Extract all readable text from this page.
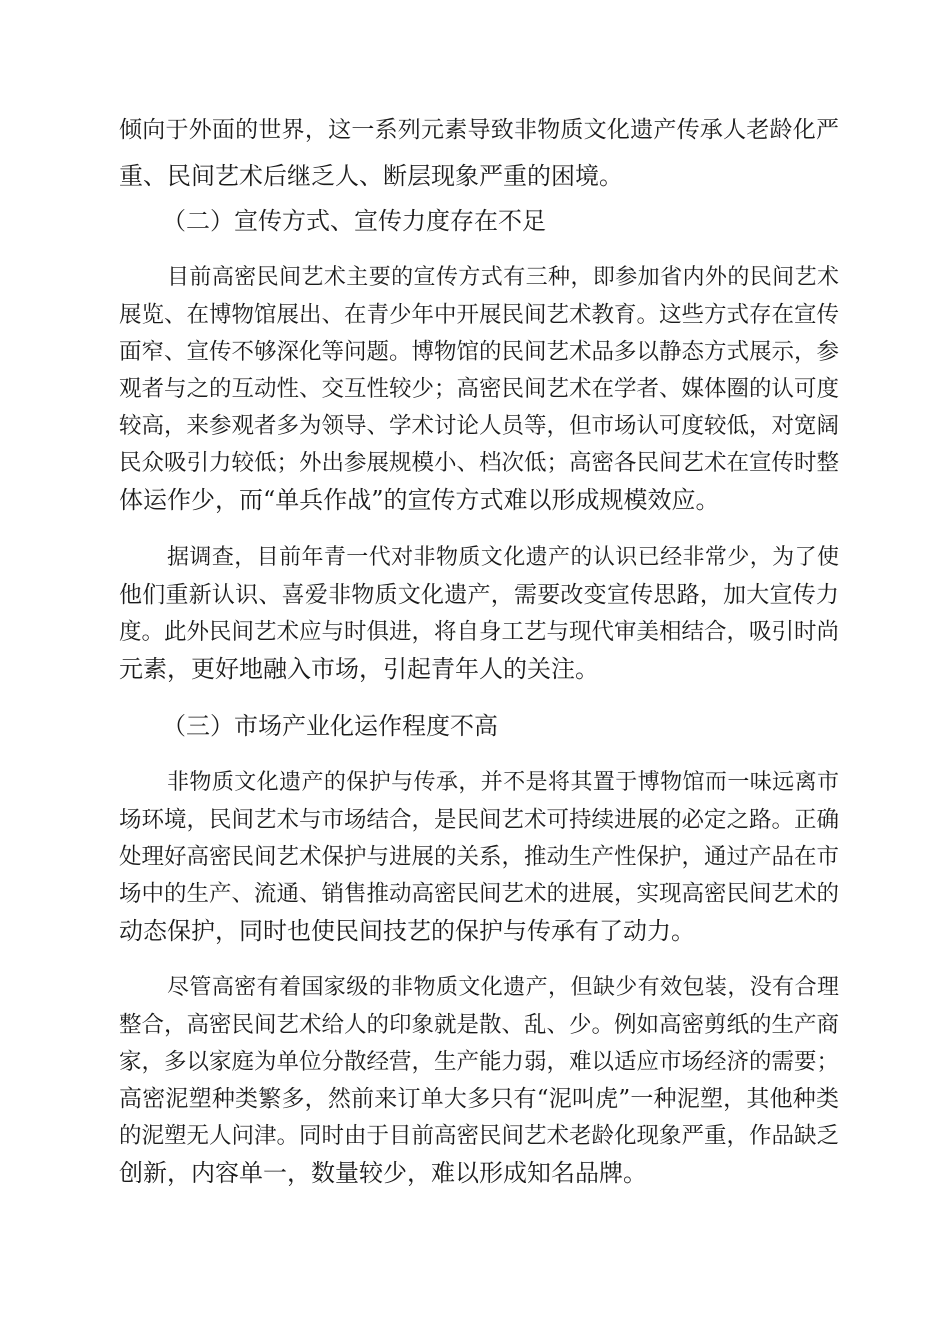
倾向于外面的世界，这一系列元素导致非物质文化遗产传承人老龄化严

重、民间艺术后继乏人、断层现象严重的困境。

（二）宣传方式、宣传力度存在不足

目前高密民间艺术主要的宣传方式有三种，即参加省内外的民间艺术

展览、在博物馆展出、在青少年中开展民间艺术教育。这些方式存在宣传

面窄、宣传不够深化等问题。博物馆的民间艺术品多以静态方式展示，参

观者与之的互动性、交互性较少；高密民间艺术在学者、媒体圈的认可度

较高，来参观者多为领导、学术讨论人员等，但市场认可度较低，对宽阔

民众吸引力较低；外出参展规模小、档次低；高密各民间艺术在宣传时整

体运作少，而“单兵作战”的宣传方式难以形成规模效应。

据调查，目前年青一代对非物质文化遗产的认识已经非常少，为了使

他们重新认识、喜爱非物质文化遗产，需要改变宣传思路，加大宣传力

度。此外民间艺术应与时俱进，将自身工艺与现代审美相结合，吸引时尚

元素，更好地融入市场，引起青年人的关注。

（三）市场产业化运作程度不高

非物质文化遗产的保护与传承，并不是将其置于博物馆而一味远离市

场环境，民间艺术与市场结合，是民间艺术可持续进展的必定之路。正确

处理好高密民间艺术保护与进展的关系，推动生产性保护，通过产品在市

场中的生产、流通、销售推动高密民间艺术的进展，实现高密民间艺术的

动态保护，同时也使民间技艺的保护与传承有了动力。

尽管高密有着国家级的非物质文化遗产，但缺少有效包装，没有合理

整合，高密民间艺术给人的印象就是散、乱、少。例如高密剪纸的生产商

家，多以家庭为单位分散经营，生产能力弱，难以适应市场经济的需要；

高密泥塑种类繁多，然前来订单大多只有“泥叫虎”一种泥塑，其他种类

的泥塑无人问津。同时由于目前高密民间艺术老龄化现象严重，作品缺乏

创新，内容单一，数量较少，难以形成知名品牌。
